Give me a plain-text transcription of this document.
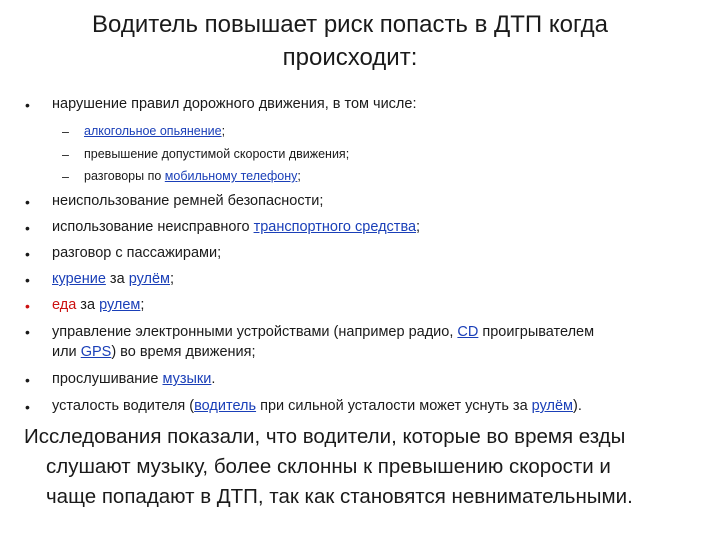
Водитель повышает риск попасть в ДТП когда
происходит:
• нарушение правил дорожного движения, в том числе:
– алкогольное опьянение;
– превышение допустимой скорости движения;
– разговоры по мобильному телефону;
• неиспользование ремней безопасности;
• использование неисправного транспортного средства;
• разговор с пассажирами;
• курение за рулём;
• еда за рулем;
• управление электронными устройствами (например радио, CD проигрывателем
или GPS) во время движения;
• прослушивание музыки.
• усталость водителя (водитель при сильной усталости может уснуть за рулём).
Исследования показали, что водители, которые во время езды
слушают музыку, более склонны к превышению скорости и
чаще попадают в ДТП, так как становятся невнимательными.
